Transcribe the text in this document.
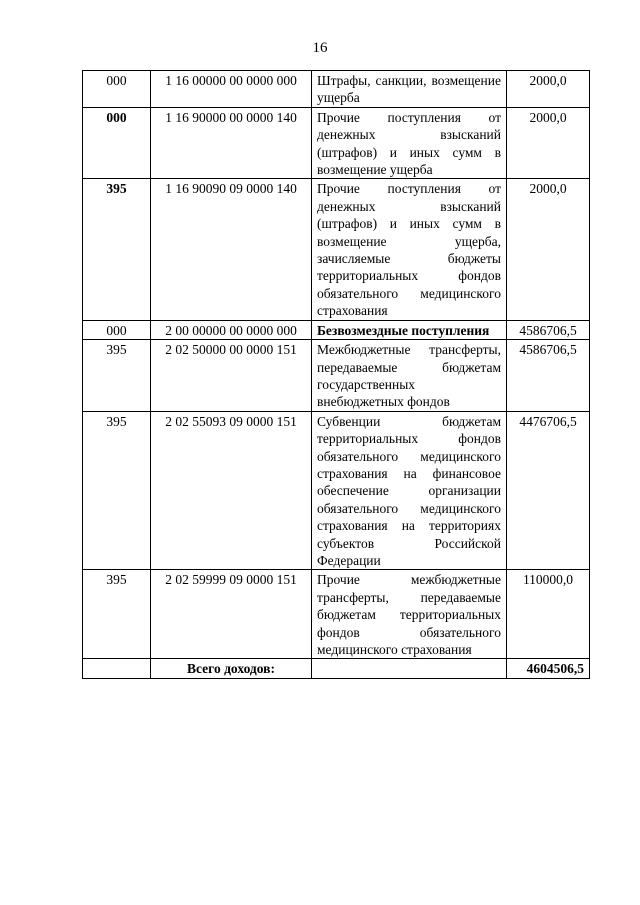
16
000	1 16 00000 00 0000 000	Штрафы, санкции, возмещение ущерба	2000,0
000	1 16 90000 00 0000 140	Прочие поступления от денежных взысканий (штрафов) и иных сумм в возмещение ущерба	2000,0
395	1 16 90090 09 0000 140	Прочие поступления от денежных взысканий (штрафов) и иных сумм в возмещение ущерба, зачисляемые бюджеты территориальных фондов обязательного медицинского страхования	2000,0
000	2 00 00000 00 0000 000	Безвозмездные поступления	4586706,5
395	2 02 50000 00 0000 151	Межбюджетные трансферты, передаваемые бюджетам государственных внебюджетных фондов	4586706,5
395	2 02 55093 09 0000 151	Субвенции бюджетам территориальных фондов обязательного медицинского страхования на финансовое обеспечение организации обязательного медицинского страхования на территориях субъектов Российской Федерации	4476706,5
395	2 02 59999 09 0000 151	Прочие межбюджетные трансферты, передаваемые бюджетам территориальных фондов обязательного медицинского страхования	110000,0
	Всего доходов:		4604506,5
